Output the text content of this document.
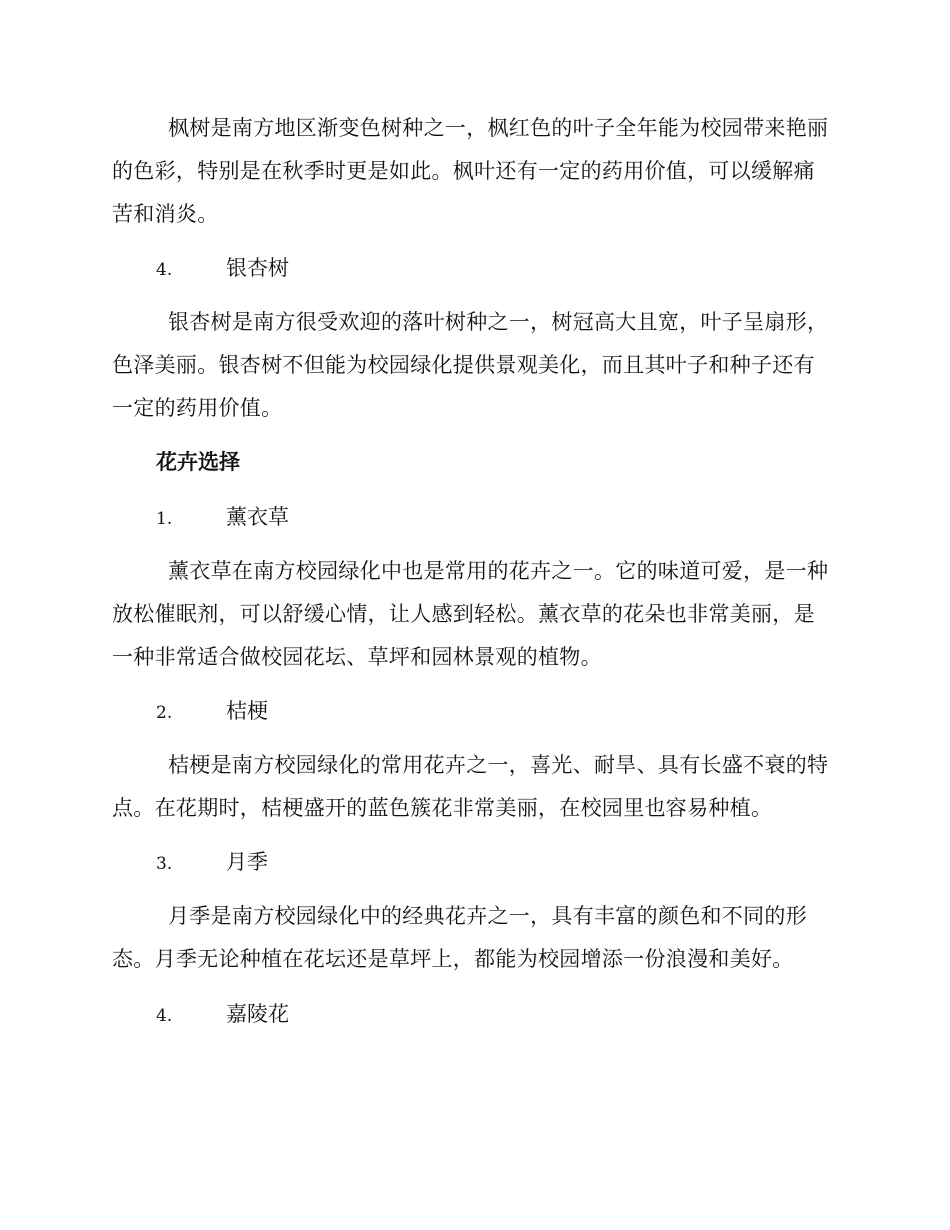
枫树是南方地区渐变色树种之一，枫红色的叶子全年能为校园带来艳丽的色彩，特别是在秋季时更是如此。枫叶还有一定的药用价值，可以缓解痛苦和消炎。

4.	银杏树

银杏树是南方很受欢迎的落叶树种之一，树冠高大且宽，叶子呈扇形，色泽美丽。银杏树不但能为校园绿化提供景观美化，而且其叶子和种子还有一定的药用价值。

花卉选择

1.	薰衣草

薰衣草在南方校园绿化中也是常用的花卉之一。它的味道可爱，是一种放松催眠剂，可以舒缓心情，让人感到轻松。薰衣草的花朵也非常美丽，是一种非常适合做校园花坛、草坪和园林景观的植物。

2.	桔梗

桔梗是南方校园绿化的常用花卉之一，喜光、耐旱、具有长盛不衰的特点。在花期时，桔梗盛开的蓝色簇花非常美丽，在校园里也容易种植。

3.	月季

月季是南方校园绿化中的经典花卉之一，具有丰富的颜色和不同的形态。月季无论种植在花坛还是草坪上，都能为校园增添一份浪漫和美好。

4.	嘉陵花
